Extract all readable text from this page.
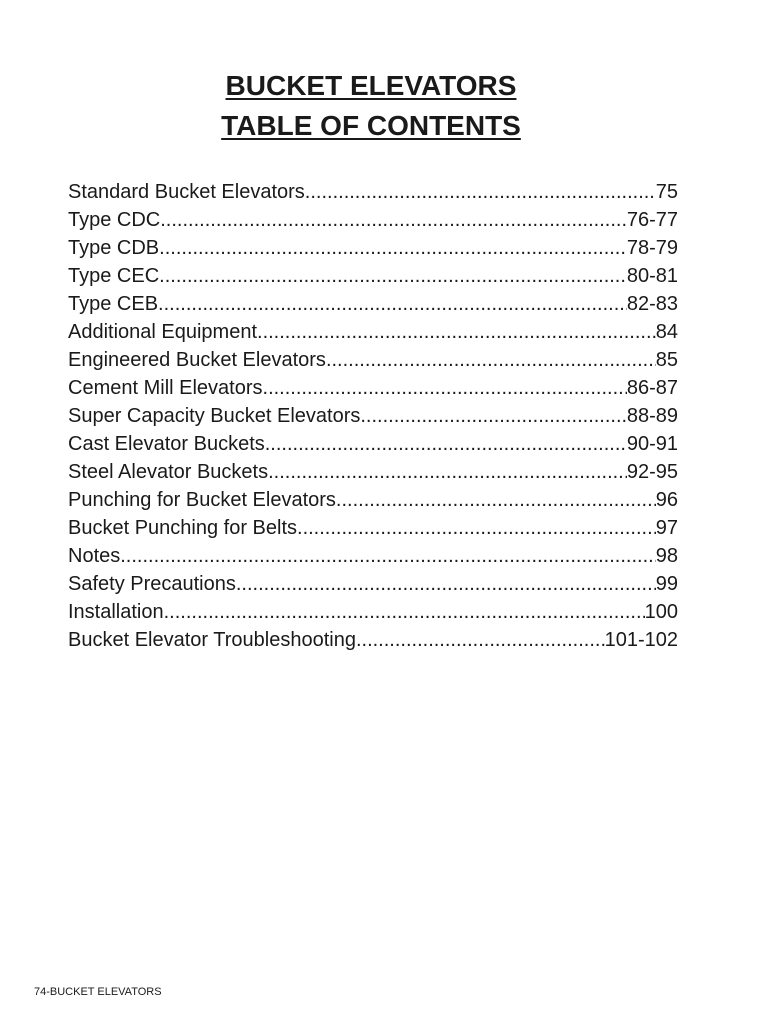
BUCKET ELEVATORS
TABLE OF CONTENTS
Standard Bucket Elevators .....	75
Type CDC .....	76-77
Type CDB .....	78-79
Type CEC .....	80-81
Type CEB .....	82-83
Additional Equipment .....	84
Engineered Bucket Elevators .....	85
Cement Mill Elevators .....	86-87
Super Capacity Bucket Elevators .....	88-89
Cast Elevator Buckets .....	90-91
Steel Alevator Buckets .....	92-95
Punching for Bucket Elevators .....	96
Bucket Punching for Belts .....	97
Notes .....	98
Safety Precautions .....	99
Installation .....	100
Bucket Elevator Troubleshooting .....	101-102

74-BUCKET ELEVATORS
